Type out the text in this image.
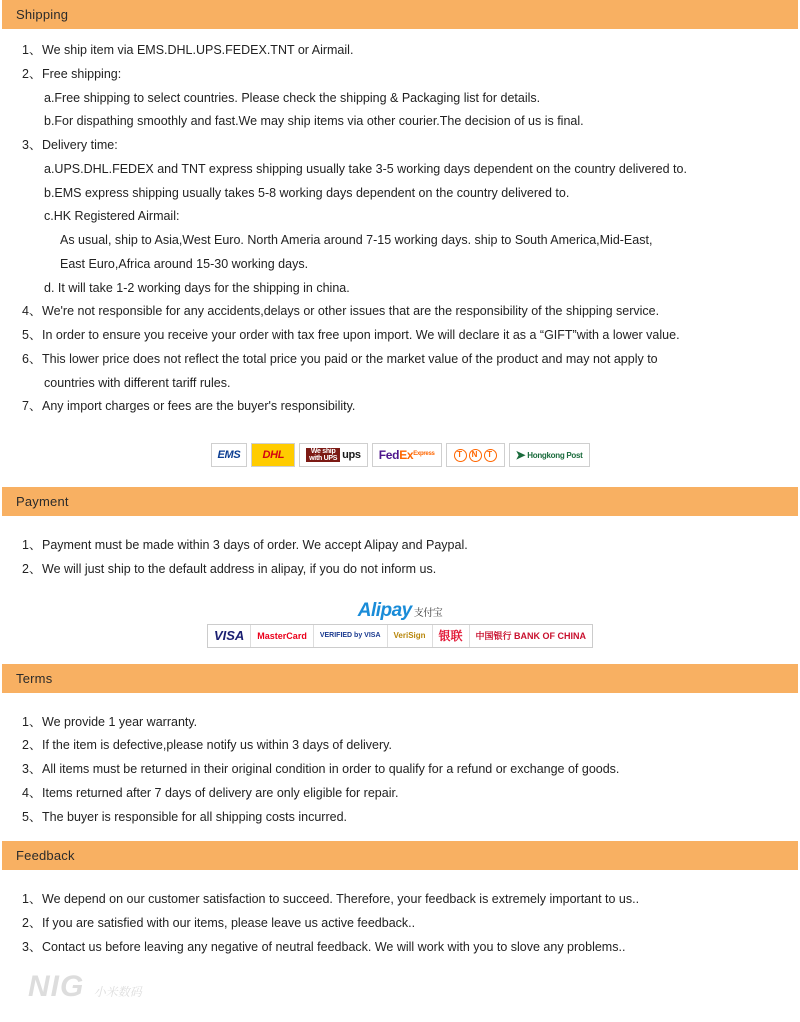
Shipping
1、We ship item via EMS.DHL.UPS.FEDEX.TNT or Airmail.
2、Free shipping:
a.Free shipping to select countries. Please check the shipping & Packaging list for details.
b.For dispathing smoothly and fast.We may ship items via other courier.The decision of us is final.
3、Delivery time:
a.UPS.DHL.FEDEX and TNT express shipping usually take 3-5 working days dependent on the country delivered to.
b.EMS express shipping usually takes 5-8 working days dependent on the country delivered to.
c.HK Registered Airmail:
As usual, ship to Asia,West Euro. North Ameria around 7-15 working days. ship to South America,Mid-East,
East Euro,Africa around 15-30 working days.
d. It will take 1-2 working days for the shipping in china.
4、We're not responsible for any accidents,delays or other issues that are the responsibility of the shipping service.
5、In order to ensure you receive your order with tax free upon import. We will declare it as a “GIFT”with a lower value.
6、This lower price does not reflect the total price you paid or the market value of the product and may not apply to
countries with different tariff rules.
7、Any import charges or fees are the buyer's responsibility.
EMS	DHL	We ship
with UPS ups	Fed Ex Express	T	N	T ➤ Hongkong Post
Payment
1、Payment must be made within 3 days of order. We accept Alipay and Paypal.
2、We will just ship to the default address in alipay, if you do not inform us.
Alipay 支付宝
VISA	MasterCard	VERIFIED by VISA	VeriSign	银联	中国银行 BANK OF CHINA
Terms
1、We provide 1 year warranty.
2、If the item is defective,please notify us within 3 days of delivery.
3、All items must be returned in their original condition in order to qualify for a refund or exchange of goods.
4、Items returned after 7 days of delivery are only eligible for repair.
5、The buyer is responsible for all shipping costs incurred.
Feedback
1、We depend on our customer satisfaction to succeed. Therefore, your feedback is extremely important to us..
2、If you are satisfied with our items, please leave us active feedback..
3、Contact us before leaving any negative of neutral feedback. We will work with you to slove any problems..
NIG 小米数码
